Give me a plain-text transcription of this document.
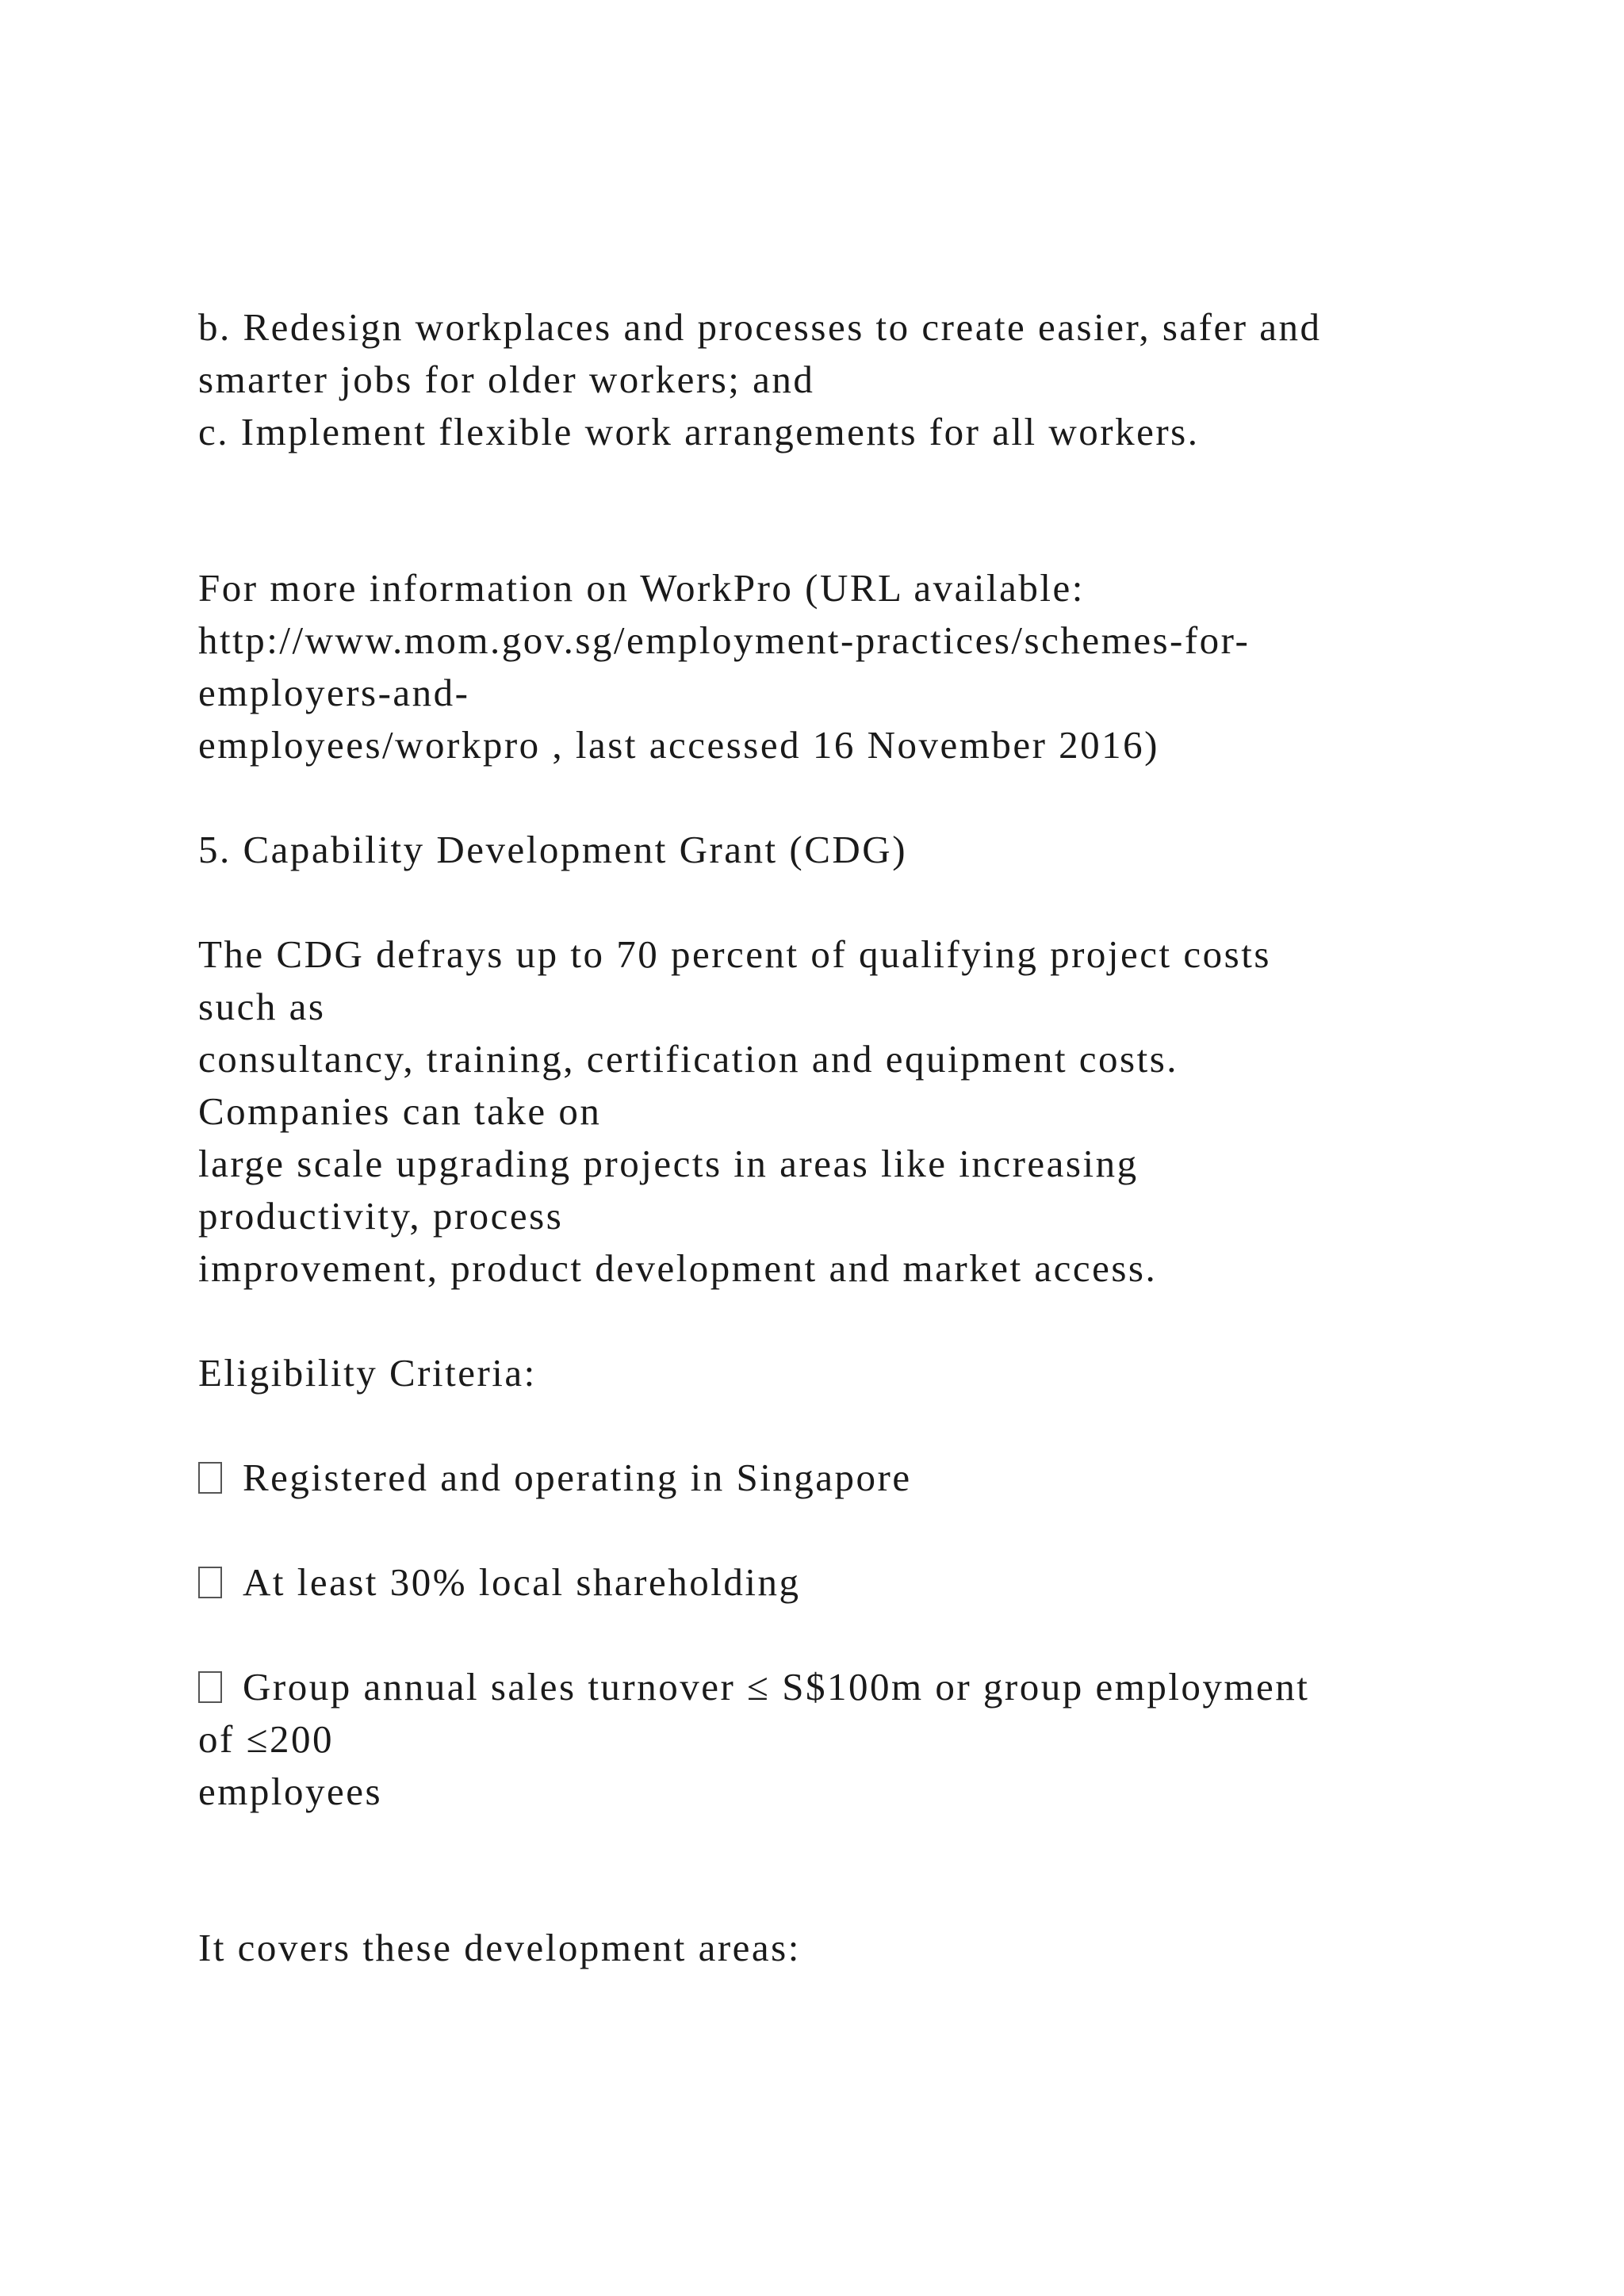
b. Redesign workplaces and processes to create easier, safer and
smarter jobs for older workers; and
c. Implement flexible work arrangements for all workers.
For more information on WorkPro (URL available:
http://www.mom.gov.sg/employment-practices/schemes-for-
employers-and-
employees/workpro , last accessed 16 November 2016)
5. Capability Development Grant (CDG)
The CDG defrays up to 70 percent of qualifying project costs
such as
consultancy, training, certification and equipment costs.
Companies can take on
large scale upgrading projects in areas like increasing
productivity, process
improvement, product development and market access.
Eligibility Criteria:
Registered and operating in Singapore
At least 30% local shareholding
Group annual sales turnover ≤ S$100m or group employment
of ≤200
employees
It covers these development areas:
